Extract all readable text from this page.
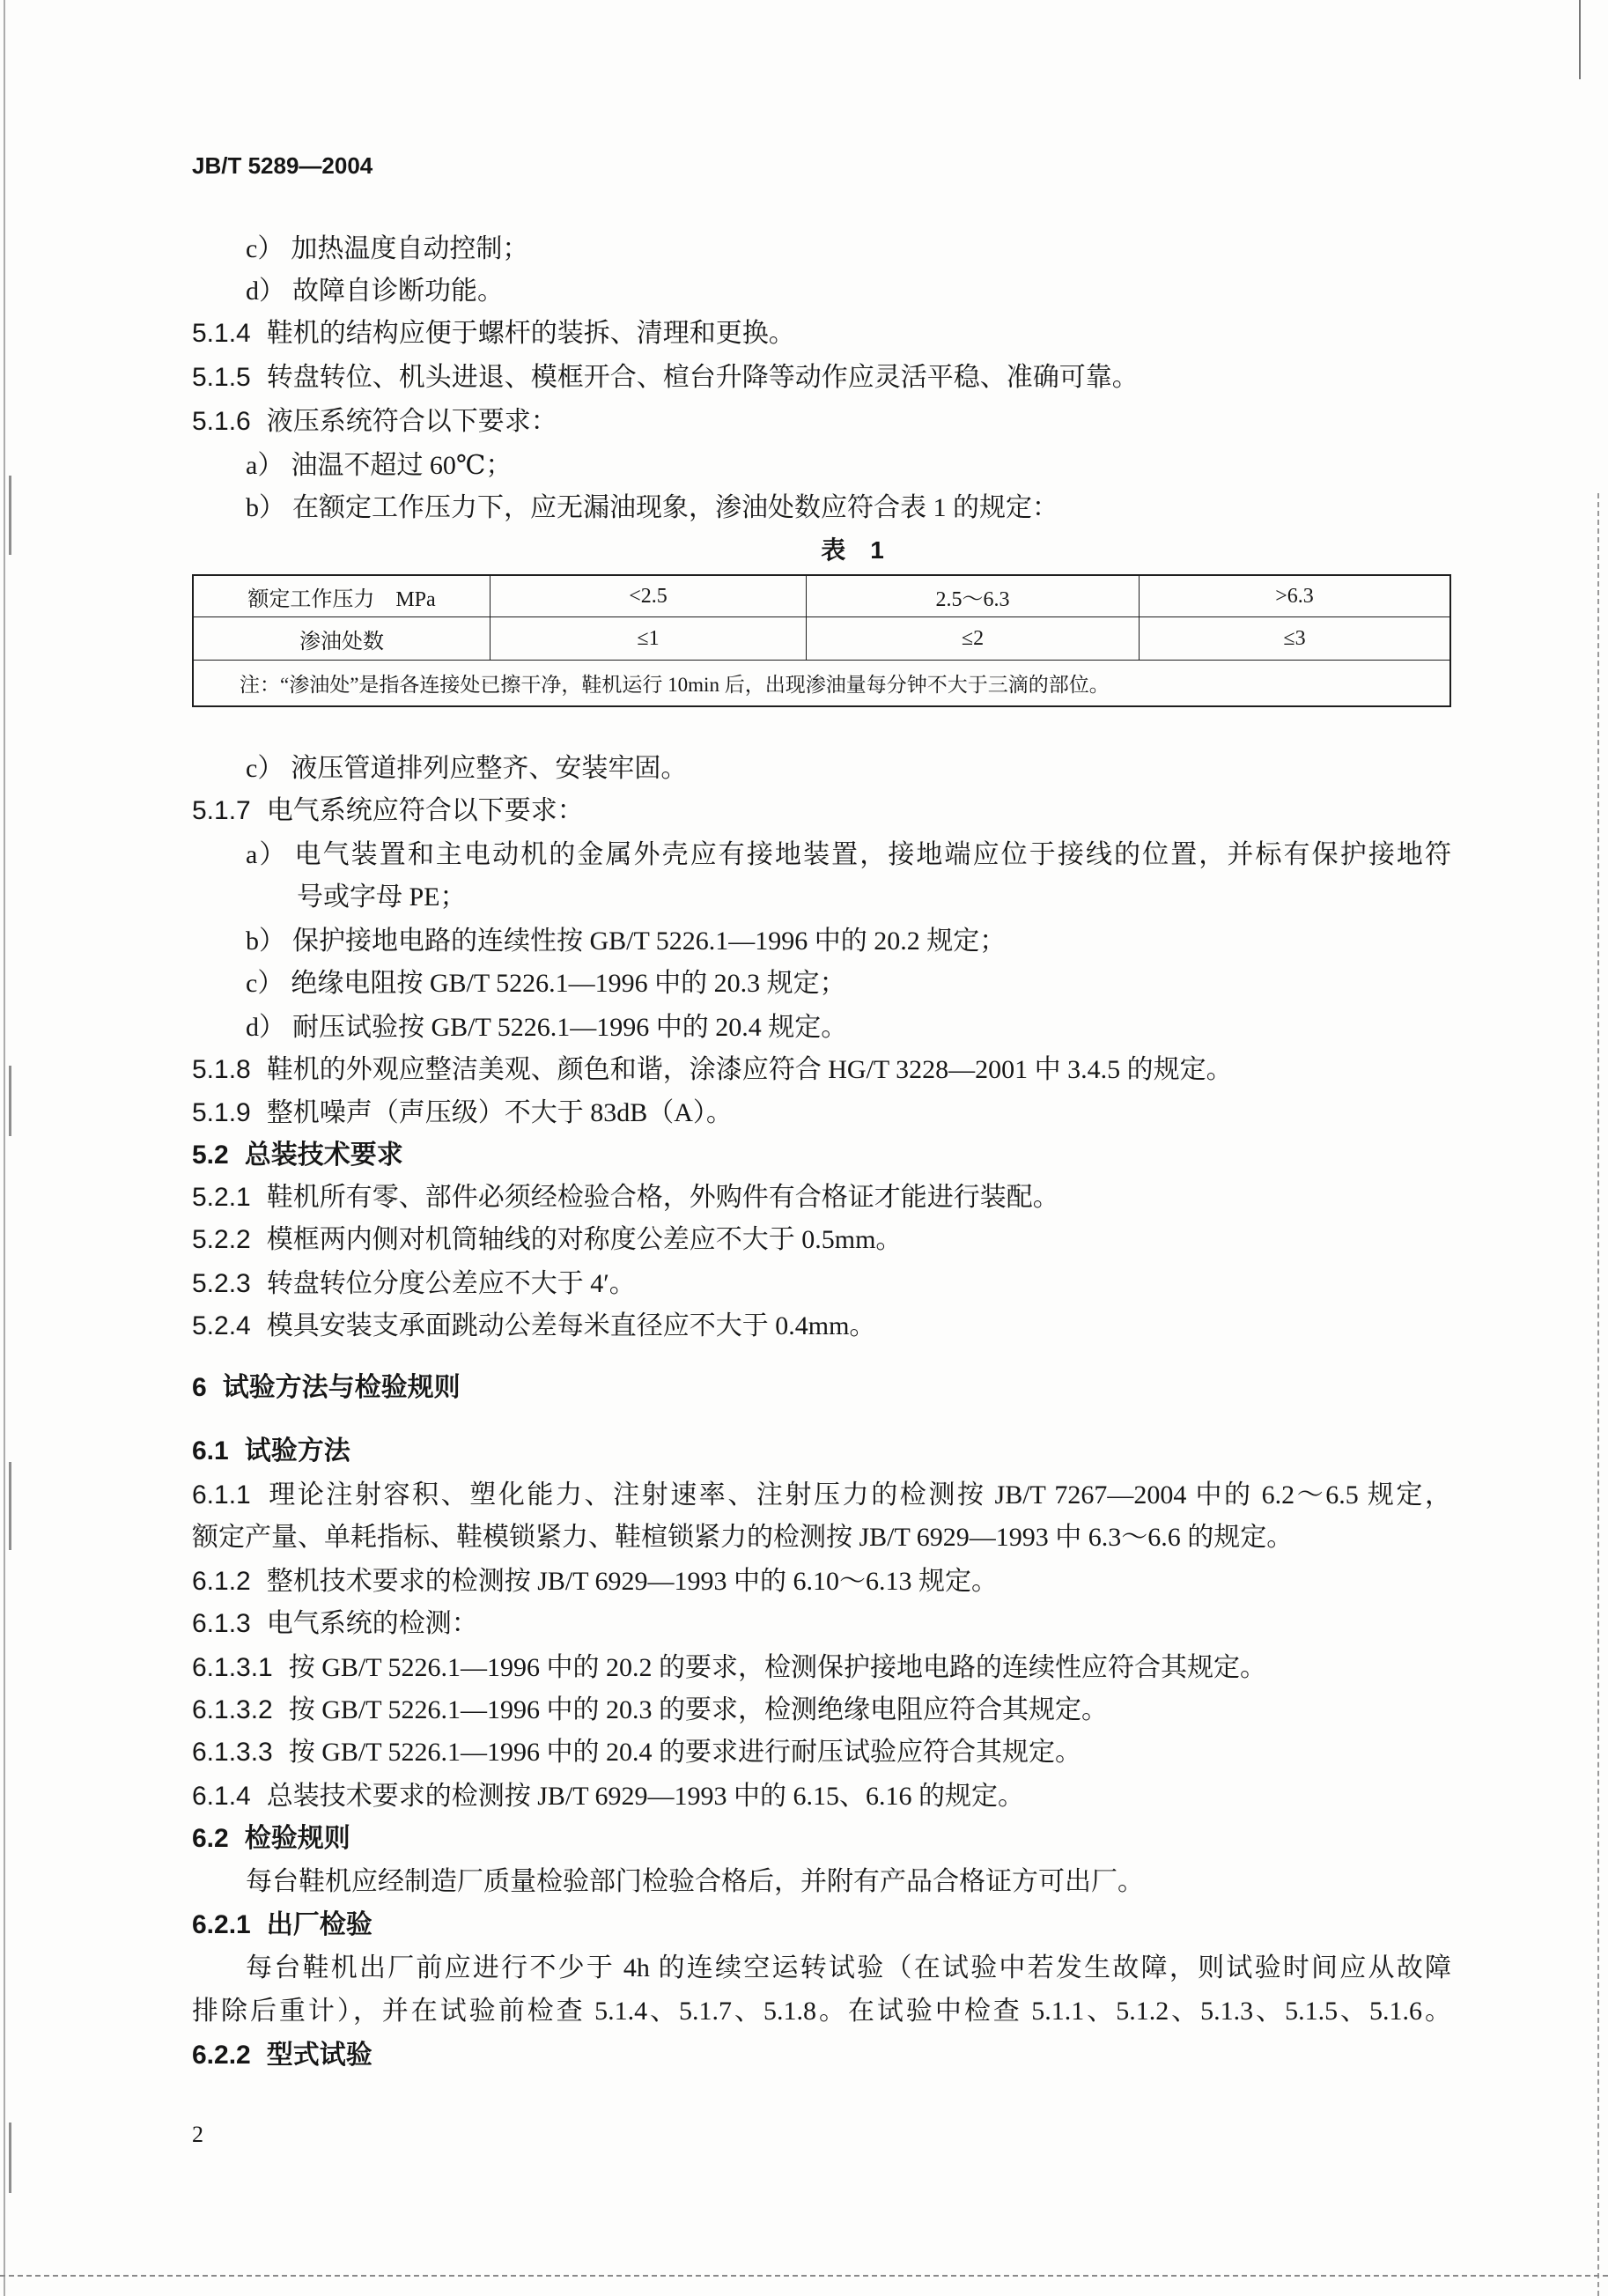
JB/T 5289—2004
c） 加热温度自动控制；
d） 故障自诊断功能。
5.1.4 鞋机的结构应便于螺杆的装拆、清理和更换。
5.1.5 转盘转位、机头进退、模框开合、楦台升降等动作应灵活平稳、准确可靠。
5.1.6 液压系统符合以下要求：
a） 油温不超过 60℃；
b） 在额定工作压力下，应无漏油现象，渗油处数应符合表 1 的规定：
表　1
额定工作压力　MPa	<2.5	2.5～6.3	>6.3
渗油处数	≤1	≤2	≤3
注：“渗油处”是指各连接处已擦干净，鞋机运行 10min 后，出现渗油量每分钟不大于三滴的部位。
c） 液压管道排列应整齐、安装牢固。
5.1.7 电气系统应符合以下要求：
a） 电气装置和主电动机的金属外壳应有接地装置，接地端应位于接线的位置，并标有保护接地符
号或字母 PE；
b） 保护接地电路的连续性按 GB/T 5226.1—1996 中的 20.2 规定；
c） 绝缘电阻按 GB/T 5226.1—1996 中的 20.3 规定；
d） 耐压试验按 GB/T 5226.1—1996 中的 20.4 规定。
5.1.8 鞋机的外观应整洁美观、颜色和谐，涂漆应符合 HG/T 3228—2001 中 3.4.5 的规定。
5.1.9 整机噪声（声压级）不大于 83dB（A）。
5.2 总装技术要求
5.2.1 鞋机所有零、部件必须经检验合格，外购件有合格证才能进行装配。
5.2.2 模框两内侧对机筒轴线的对称度公差应不大于 0.5mm。
5.2.3 转盘转位分度公差应不大于 4′。
5.2.4 模具安装支承面跳动公差每米直径应不大于 0.4mm。
6 试验方法与检验规则
6.1 试验方法
6.1.1 理论注射容积、塑化能力、注射速率、注射压力的检测按 JB/T 7267—2004 中的 6.2～6.5 规定，
额定产量、单耗指标、鞋模锁紧力、鞋楦锁紧力的检测按 JB/T 6929—1993 中 6.3～6.6 的规定。
6.1.2 整机技术要求的检测按 JB/T 6929—1993 中的 6.10～6.13 规定。
6.1.3 电气系统的检测：
6.1.3.1 按 GB/T 5226.1—1996 中的 20.2 的要求，检测保护接地电路的连续性应符合其规定。
6.1.3.2 按 GB/T 5226.1—1996 中的 20.3 的要求，检测绝缘电阻应符合其规定。
6.1.3.3 按 GB/T 5226.1—1996 中的 20.4 的要求进行耐压试验应符合其规定。
6.1.4 总装技术要求的检测按 JB/T 6929—1993 中的 6.15、6.16 的规定。
6.2 检验规则
每台鞋机应经制造厂质量检验部门检验合格后，并附有产品合格证方可出厂。
6.2.1 出厂检验
每台鞋机出厂前应进行不少于 4h 的连续空运转试验（在试验中若发生故障，则试验时间应从故障
排除后重计），并在试验前检查 5.1.4、5.1.7、5.1.8。在试验中检查 5.1.1、5.1.2、5.1.3、5.1.5、5.1.6。
6.2.2 型式试验
2
